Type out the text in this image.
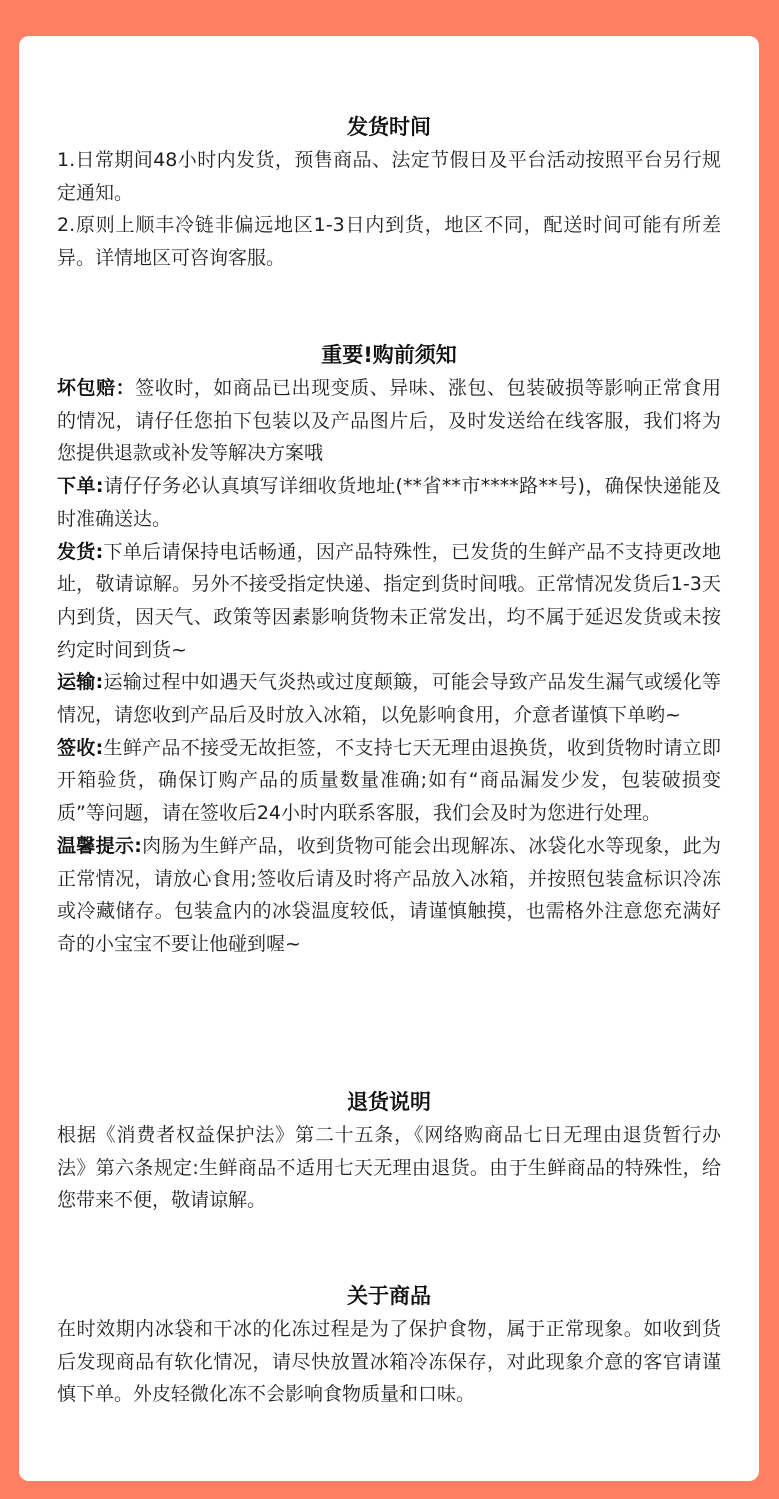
发货时间

1.日常期间48小时内发货，预售商品、法定节假日及平台活动按照平台另行规定通知。

2.原则上顺丰冷链非偏远地区1-3日内到货，地区不同，配送时间可能有所差异。详情地区可咨询客服。

重要!购前须知

坏包赔：签收时，如商品已出现变质、异味、涨包、包装破损等影响正常食用的情况，请仔任您拍下包装以及产品图片后，及时发送给在线客服，我们将为您提供退款或补发等解决方案哦

下单:请仔仔务必认真填写详细收货地址(**省**市****路**号)，确保快递能及时准确送达。

发货:下单后请保持电话畅通，因产品特殊性，已发货的生鲜产品不支持更改地址，敬请谅解。另外不接受指定快递、指定到货时间哦。正常情况发货后1-3天内到货，因天气、政策等因素影响货物未正常发出，均不属于延迟发货或未按约定时间到货~

运输:运输过程中如遇天气炎热或过度颠簸，可能会导致产品发生漏气或缓化等情况，请您收到产品后及时放入冰箱，以免影响食用，介意者谨慎下单哟~

签收:生鲜产品不接受无故拒签，不支持七天无理由退换货，收到货物时请立即开箱验货，确保订购产品的质量数量准确;如有“商品漏发少发，包装破损变质”等问题，请在签收后24小时内联系客服，我们会及时为您进行处理。

温馨提示:肉肠为生鲜产品，收到货物可能会出现解冻、冰袋化水等现象，此为正常情况，请放心食用;签收后请及时将产品放入冰箱，并按照包装盒标识冷冻或冷藏储存。包装盒内的冰袋温度较低，请谨慎触摸，也需格外注意您充满好奇的小宝宝不要让他碰到喔~

退货说明

根据《消费者权益保护法》第二十五条，《网络购商品七日无理由退货暂行办法》第六条规定:生鲜商品不适用七天无理由退货。由于生鲜商品的特殊性，给您带来不便，敬请谅解。

关于商品

在时效期内冰袋和干冰的化冻过程是为了保护食物，属于正常现象。如收到货后发现商品有软化情况，请尽快放置冰箱冷冻保存，对此现象介意的客官请谨慎下单。外皮轻微化冻不会影响食物质量和口味。
